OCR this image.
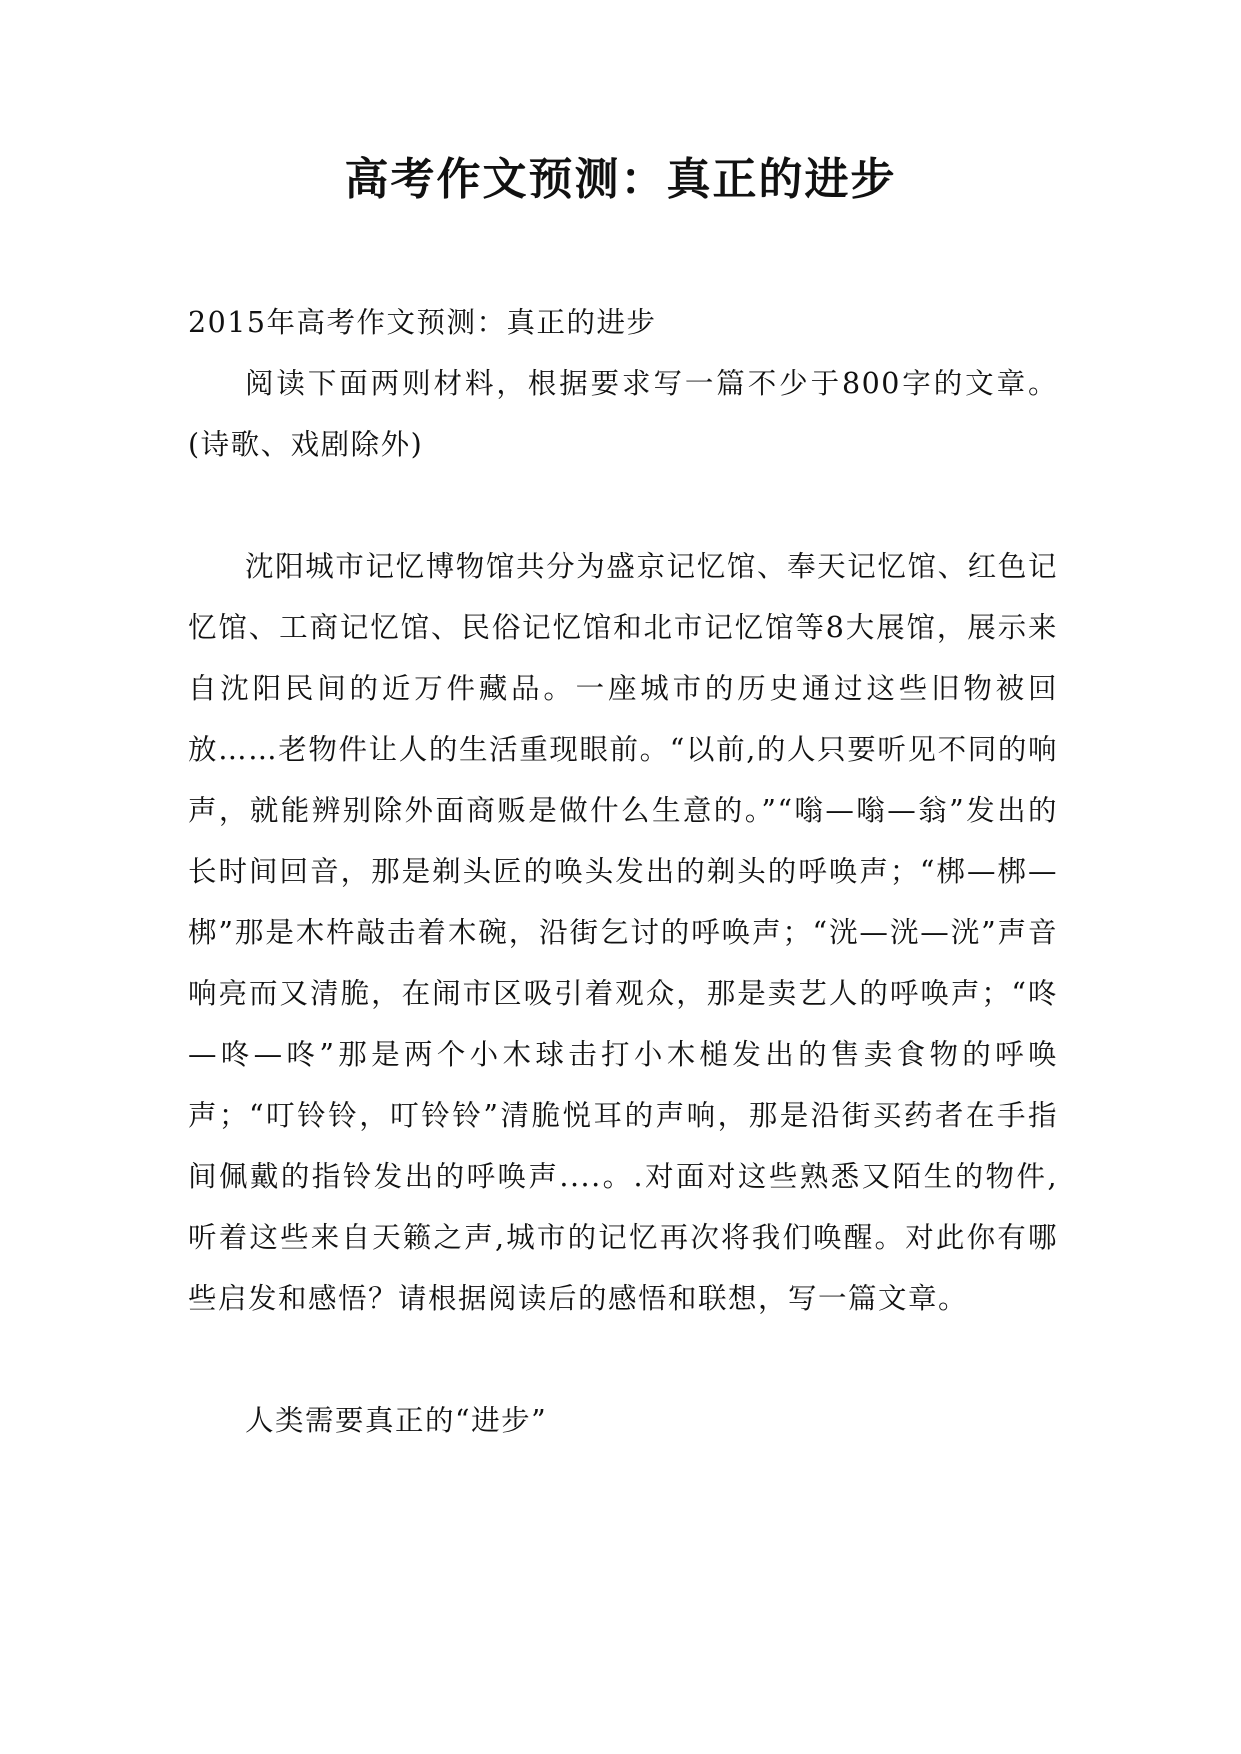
高考作文预测：真正的进步

2015年高考作文预测：真正的进步

阅读下面两则材料，根据要求写一篇不少于800字的文章。(诗歌、戏剧除外)

沈阳城市记忆博物馆共分为盛京记忆馆、奉天记忆馆、红色记忆馆、工商记忆馆、民俗记忆馆和北市记忆馆等8大展馆，展示来自沈阳民间的近万件藏品。一座城市的历史通过这些旧物被回放……老物件让人的生活重现眼前。“以前,的人只要听见不同的响声，就能辨别除外面商贩是做什么生意的。”“嗡—嗡—翁”发出的长时间回音，那是剃头匠的唤头发出的剃头的呼唤声；“梆—梆—梆”那是木杵敲击着木碗，沿街乞讨的呼唤声；“洸—洸—洸”声音响亮而又清脆，在闹市区吸引着观众，那是卖艺人的呼唤声；“咚—咚—咚”那是两个小木球击打小木槌发出的售卖食物的呼唤声；“叮铃铃，叮铃铃”清脆悦耳的声响，那是沿街买药者在手指间佩戴的指铃发出的呼唤声....。.对面对这些熟悉又陌生的物件,听着这些来自天籁之声,城市的记忆再次将我们唤醒。对此你有哪些启发和感悟？请根据阅读后的感悟和联想，写一篇文章。

人类需要真正的“进步”
